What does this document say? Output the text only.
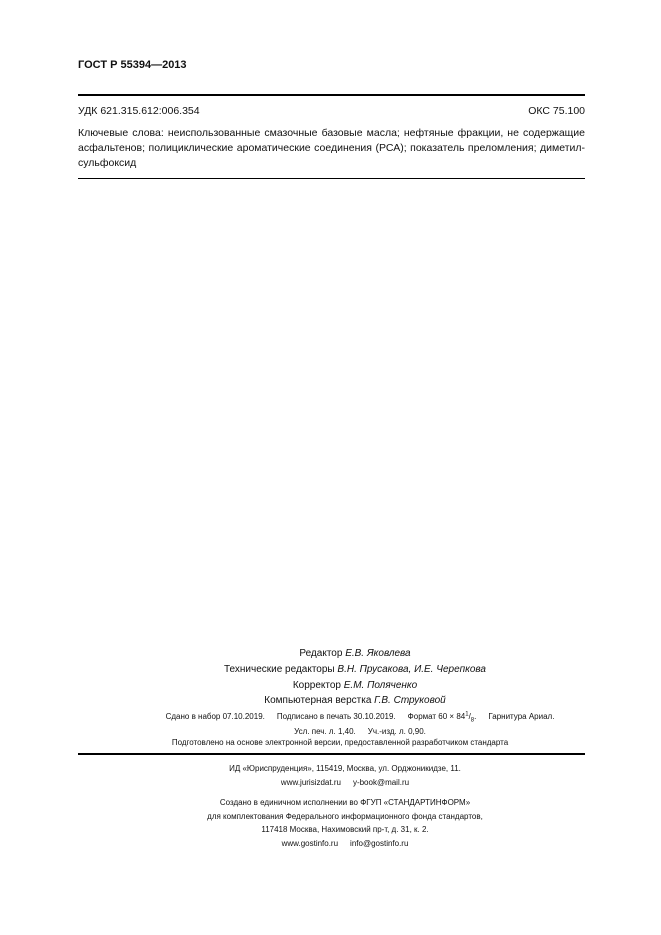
ГОСТ Р 55394—2013
УДК 621.315.612:006.354	ОКС 75.100
Ключевые слова: неиспользованные смазочные базовые масла; нефтяные фракции, не содержащие асфальтенов; полициклические ароматические соединения (РСА); показатель преломления; диметил-сульфоксид
Редактор Е.В. Яковлева
Технические редакторы В.Н. Прусакова, И.Е. Черепкова
Корректор Е.М. Поляченко
Компьютерная верстка Г.В. Струковой
Сдано в набор 07.10.2019. Подписано в печать 30.10.2019. Формат $60 \times 84^1/_8$. Гарнитура Ариал.
Усл. печ. л. 1,40. Уч.-изд. л. 0,90.
Подготовлено на основе электронной версии, предоставленной разработчиком стандарта
ИД «Юриспруденция», 115419, Москва, ул. Орджоникидзе, 11.
www.jurisizdat.ru y-book@mail.ru
Создано в единичном исполнении во ФГУП «СТАНДАРТИНФОРМ»
для комплектования Федерального информационного фонда стандартов,
117418 Москва, Нахимовский пр-т, д. 31, к. 2.
www.gostinfo.ru info@gostinfo.ru
